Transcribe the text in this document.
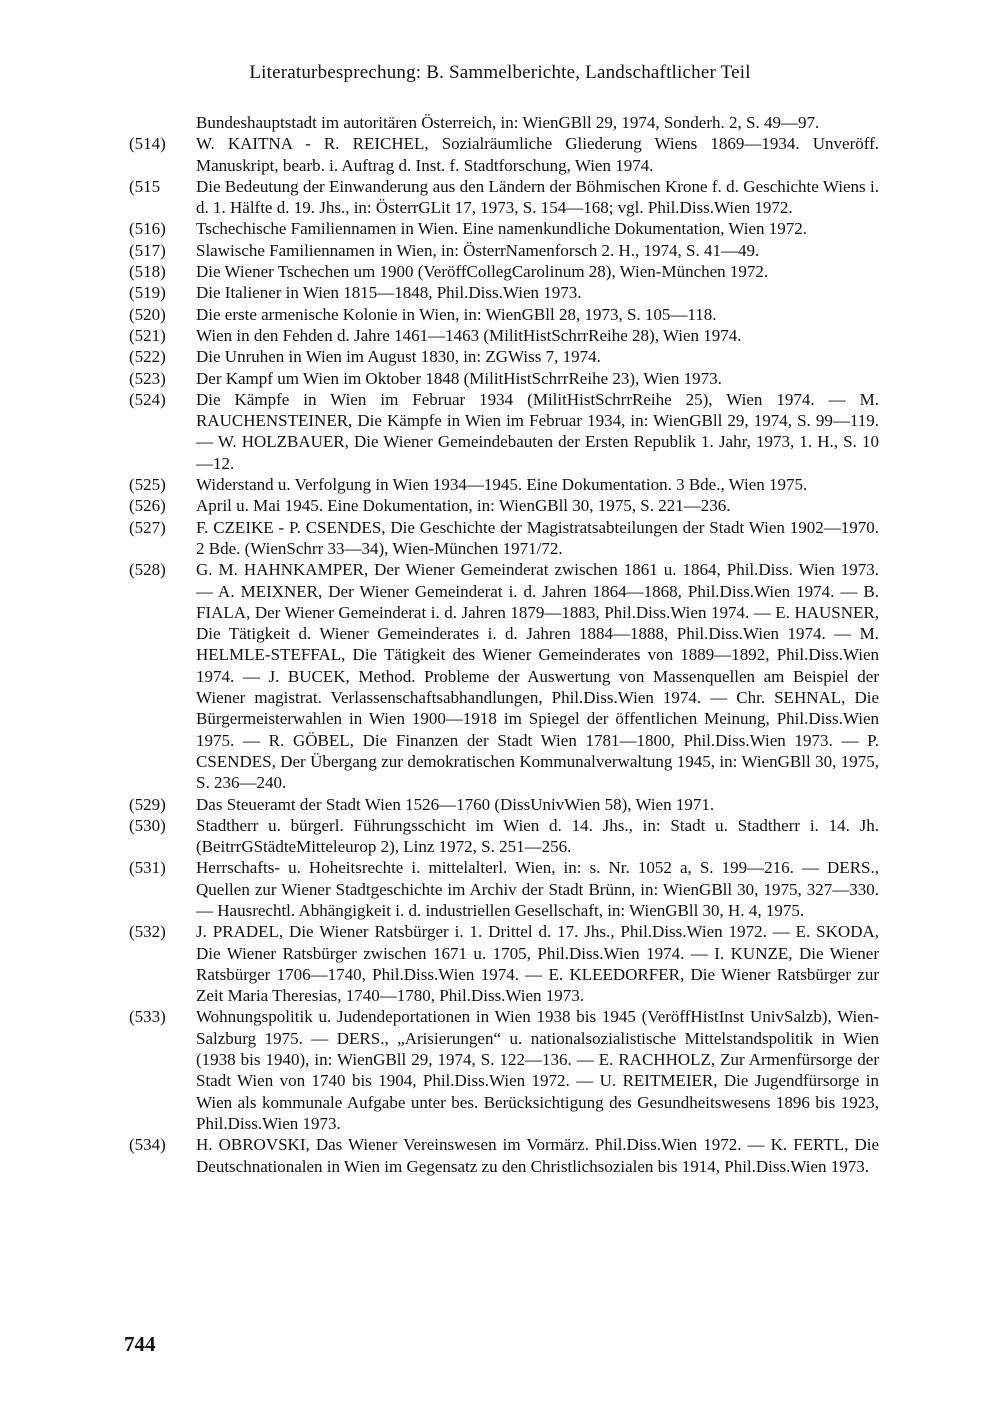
Literaturbesprechung: B. Sammelberichte, Landschaftlicher Teil

Bundeshauptstadt im autoritären Österreich, in: WienGBll 29, 1974, Sonderh. 2, S. 49—97.

(514) W. KAITNA - R. REICHEL, Sozialräumliche Gliederung Wiens 1869—1934. Unveröff. Manuskript, bearb. i. Auftrag d. Inst. f. Stadtforschung, Wien 1974.

(515 Die Bedeutung der Einwanderung aus den Ländern der Böhmischen Krone f. d. Geschichte Wiens i. d. 1. Hälfte d. 19. Jhs., in: ÖsterrGLit 17, 1973, S. 154—168; vgl. Phil.Diss.Wien 1972.

(516) Tschechische Familiennamen in Wien. Eine namenkundliche Dokumentation, Wien 1972.

(517) Slawische Familiennamen in Wien, in: ÖsterrNamenforsch 2. H., 1974, S. 41—49.

(518) Die Wiener Tschechen um 1900 (VeröffCollegCarolinum 28), Wien-München 1972.

(519) Die Italiener in Wien 1815—1848, Phil.Diss.Wien 1973.

(520) Die erste armenische Kolonie in Wien, in: WienGBll 28, 1973, S. 105—118.

(521) Wien in den Fehden d. Jahre 1461—1463 (MilitHistSchrrReihe 28), Wien 1974.

(522) Die Unruhen in Wien im August 1830, in: ZGWiss 7, 1974.

(523) Der Kampf um Wien im Oktober 1848 (MilitHistSchrrReihe 23), Wien 1973.

(524) Die Kämpfe in Wien im Februar 1934 (MilitHistSchrrReihe 25), Wien 1974. — M. RAUCHENSTEINER, Die Kämpfe in Wien im Februar 1934, in: WienGBll 29, 1974, S. 99—119. — W. HOLZBAUER, Die Wiener Gemeindebauten der Ersten Republik 1. Jahr, 1973, 1. H., S. 10—12.

(525) Widerstand u. Verfolgung in Wien 1934—1945. Eine Dokumentation. 3 Bde., Wien 1975.

(526) April u. Mai 1945. Eine Dokumentation, in: WienGBll 30, 1975, S. 221—236.

(527) F. CZEIKE - P. CSENDES, Die Geschichte der Magistratsabteilungen der Stadt Wien 1902—1970. 2 Bde. (WienSchrr 33—34), Wien-München 1971/72.

(528) G. M. HAHNKAMPER, Der Wiener Gemeinderat zwischen 1861 u. 1864, Phil.Diss. Wien 1973. — A. MEIXNER, Der Wiener Gemeinderat i. d. Jahren 1864—1868, Phil.Diss.Wien 1974. — B. FIALA, Der Wiener Gemeinderat i. d. Jahren 1879—1883, Phil.Diss.Wien 1974. — E. HAUSNER, Die Tätigkeit d. Wiener Gemeinderates i. d. Jahren 1884—1888, Phil.Diss.Wien 1974. — M. HELMLE-STEFFAL, Die Tätigkeit des Wiener Gemeinderates von 1889—1892, Phil.Diss.Wien 1974. — J. BUCEK, Method. Probleme der Auswertung von Massenquellen am Beispiel der Wiener magistrat. Verlassenschaftsabhandlungen, Phil.Diss.Wien 1974. — Chr. SEHNAL, Die Bürgermeisterwahlen in Wien 1900—1918 im Spiegel der öffentlichen Meinung, Phil.Diss.Wien 1975. — R. GÖBEL, Die Finanzen der Stadt Wien 1781—1800, Phil.Diss.Wien 1973. — P. CSENDES, Der Übergang zur demokratischen Kommunalverwaltung 1945, in: WienGBll 30, 1975, S. 236—240.

(529) Das Steueramt der Stadt Wien 1526—1760 (DissUnivWien 58), Wien 1971.

(530) Stadtherr u. bürgerl. Führungsschicht im Wien d. 14. Jhs., in: Stadt u. Stadtherr i. 14. Jh. (BeitrrGStädteMitteleurop 2), Linz 1972, S. 251—256.

(531) Herrschafts- u. Hoheitsrechte i. mittelalterl. Wien, in: s. Nr. 1052 a, S. 199—216. — DERS., Quellen zur Wiener Stadtgeschichte im Archiv der Stadt Brünn, in: WienGBll 30, 1975, 327—330. — Hausrechtl. Abhängigkeit i. d. industriellen Gesellschaft, in: WienGBll 30, H. 4, 1975.

(532) J. PRADEL, Die Wiener Ratsbürger i. 1. Drittel d. 17. Jhs., Phil.Diss.Wien 1972. — E. SKODA, Die Wiener Ratsbürger zwischen 1671 u. 1705, Phil.Diss.Wien 1974. — I. KUNZE, Die Wiener Ratsbürger 1706—1740, Phil.Diss.Wien 1974. — E. KLEEDORFER, Die Wiener Ratsbürger zur Zeit Maria Theresias, 1740—1780, Phil.Diss.Wien 1973.

(533) Wohnungspolitik u. Judendeportationen in Wien 1938 bis 1945 (VeröffHistInst UnivSalzb), Wien-Salzburg 1975. — DERS., „Arisierungen“ u. nationalsozialistische Mittelstandspolitik in Wien (1938 bis 1940), in: WienGBll 29, 1974, S. 122—136. — E. RACHHOLZ, Zur Armenfürsorge der Stadt Wien von 1740 bis 1904, Phil.Diss.Wien 1972. — U. REITMEIER, Die Jugendfürsorge in Wien als kommunale Aufgabe unter bes. Berücksichtigung des Gesundheitswesens 1896 bis 1923, Phil.Diss.Wien 1973.

(534) H. OBROVSKI, Das Wiener Vereinswesen im Vormärz. Phil.Diss.Wien 1972. — K. FERTL, Die Deutschnationalen in Wien im Gegensatz zu den Christlichsozialen bis 1914, Phil.Diss.Wien 1973.

744
